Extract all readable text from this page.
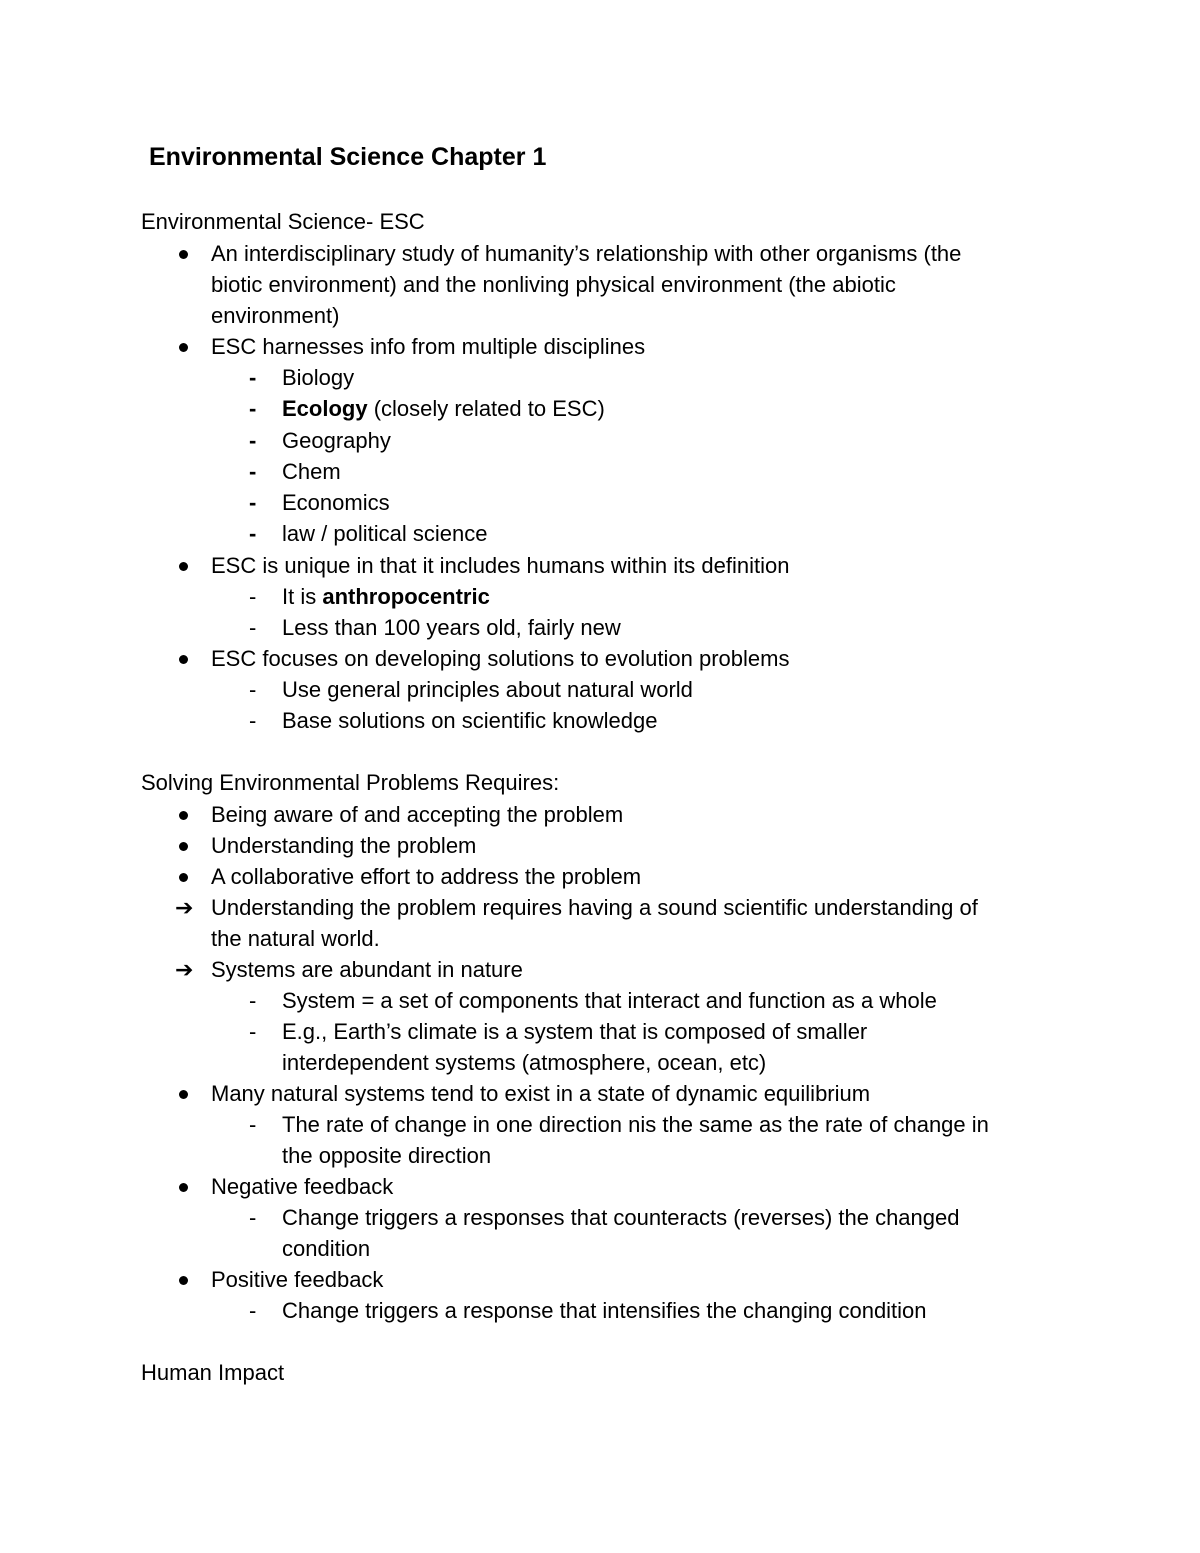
Environmental Science Chapter 1
Environmental Science- ESC
An interdisciplinary study of humanity’s relationship with other organisms (the
biotic environment) and the nonliving physical environment (the abiotic
environment)
ESC harnesses info from multiple disciplines
- Biology
- Ecology (closely related to ESC)
- Geography
- Chem
- Economics
- law / political science
ESC is unique in that it includes humans within its definition
- It is anthropocentric
- Less than 100 years old, fairly new
ESC focuses on developing solutions to evolution problems
- Use general principles about natural world
- Base solutions on scientific knowledge
Solving Environmental Problems Requires:
Being aware of and accepting the problem
Understanding the problem
A collaborative effort to address the problem
➔ Understanding the problem requires having a sound scientific understanding of
the natural world.
➔ Systems are abundant in nature
- System = a set of components that interact and function as a whole
- E.g., Earth’s climate is a system that is composed of smaller
interdependent systems (atmosphere, ocean, etc)
Many natural systems tend to exist in a state of dynamic equilibrium
- The rate of change in one direction nis the same as the rate of change in
the opposite direction
Negative feedback
- Change triggers a responses that counteracts (reverses) the changed
condition
Positive feedback
- Change triggers a response that intensifies the changing condition
Human Impact
